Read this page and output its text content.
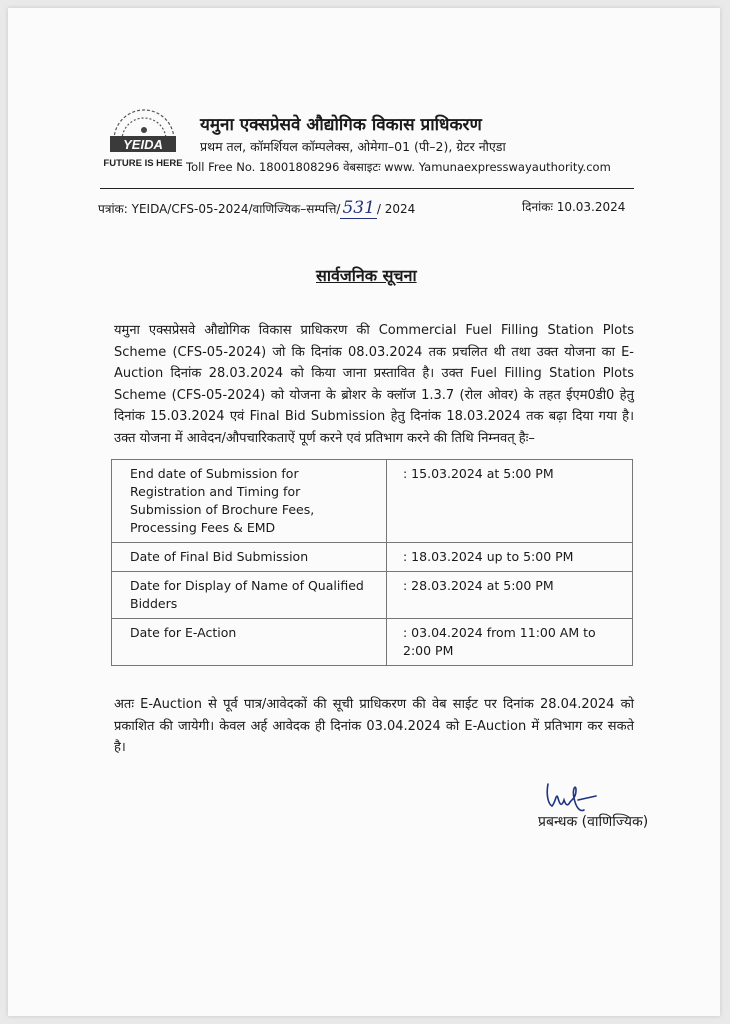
YEIDA
FUTURE IS HERE
यमुना एक्सप्रेसवे औद्योगिक विकास प्राधिकरण
प्रथम तल, कॉमर्शियल कॉम्पलेक्स, ओमेगा–01 (पी–2), ग्रेटर नौएडा
Toll Free No. 18001808296 वेबसाइटः www. Yamunaexpresswayauthority.com
पत्रांक: YEIDA/CFS-05-2024/वाणिज्यिक–सम्पत्ति/ 531 / 2024	दिनांकः 10.03.2024
सार्वजनिक सूचना
यमुना एक्सप्रेसवे औद्योगिक विकास प्राधिकरण की Commercial Fuel Filling Station Plots Scheme (CFS-05-2024) जो कि दिनांक 08.03.2024 तक प्रचलित थी तथा उक्त योजना का E-Auction दिनांक 28.03.2024 को किया जाना प्रस्तावित है। उक्त Fuel Filling Station Plots Scheme (CFS-05-2024) को योजना के ब्रोशर के क्लॉज 1.3.7 (रोल ओवर) के तहत ईएम0डी0 हेतु दिनांक 15.03.2024 एवं Final Bid Submission हेतु दिनांक 18.03.2024 तक बढ़ा दिया गया है। उक्त योजना में आवेदन/औपचारिकताऐं पूर्ण करने एवं प्रतिभाग करने की तिथि निम्नवत् हैः–
End date of Submission for Registration and Timing for Submission of Brochure Fees, Processing Fees & EMD	: 15.03.2024 at 5:00 PM
Date of Final Bid Submission	: 18.03.2024 up to 5:00 PM
Date for Display of Name of Qualified Bidders	: 28.03.2024 at 5:00 PM
Date for E-Action	: 03.04.2024 from 11:00 AM to 2:00 PM
अतः E-Auction से पूर्व पात्र/आवेदकों की सूची प्राधिकरण की वेब साईट पर दिनांक 28.04.2024 को प्रकाशित की जायेगी। केवल अर्ह आवेदक ही दिनांक 03.04.2024 को E-Auction में प्रतिभाग कर सकते है।
प्रबन्धक (वाणिज्यिक)
